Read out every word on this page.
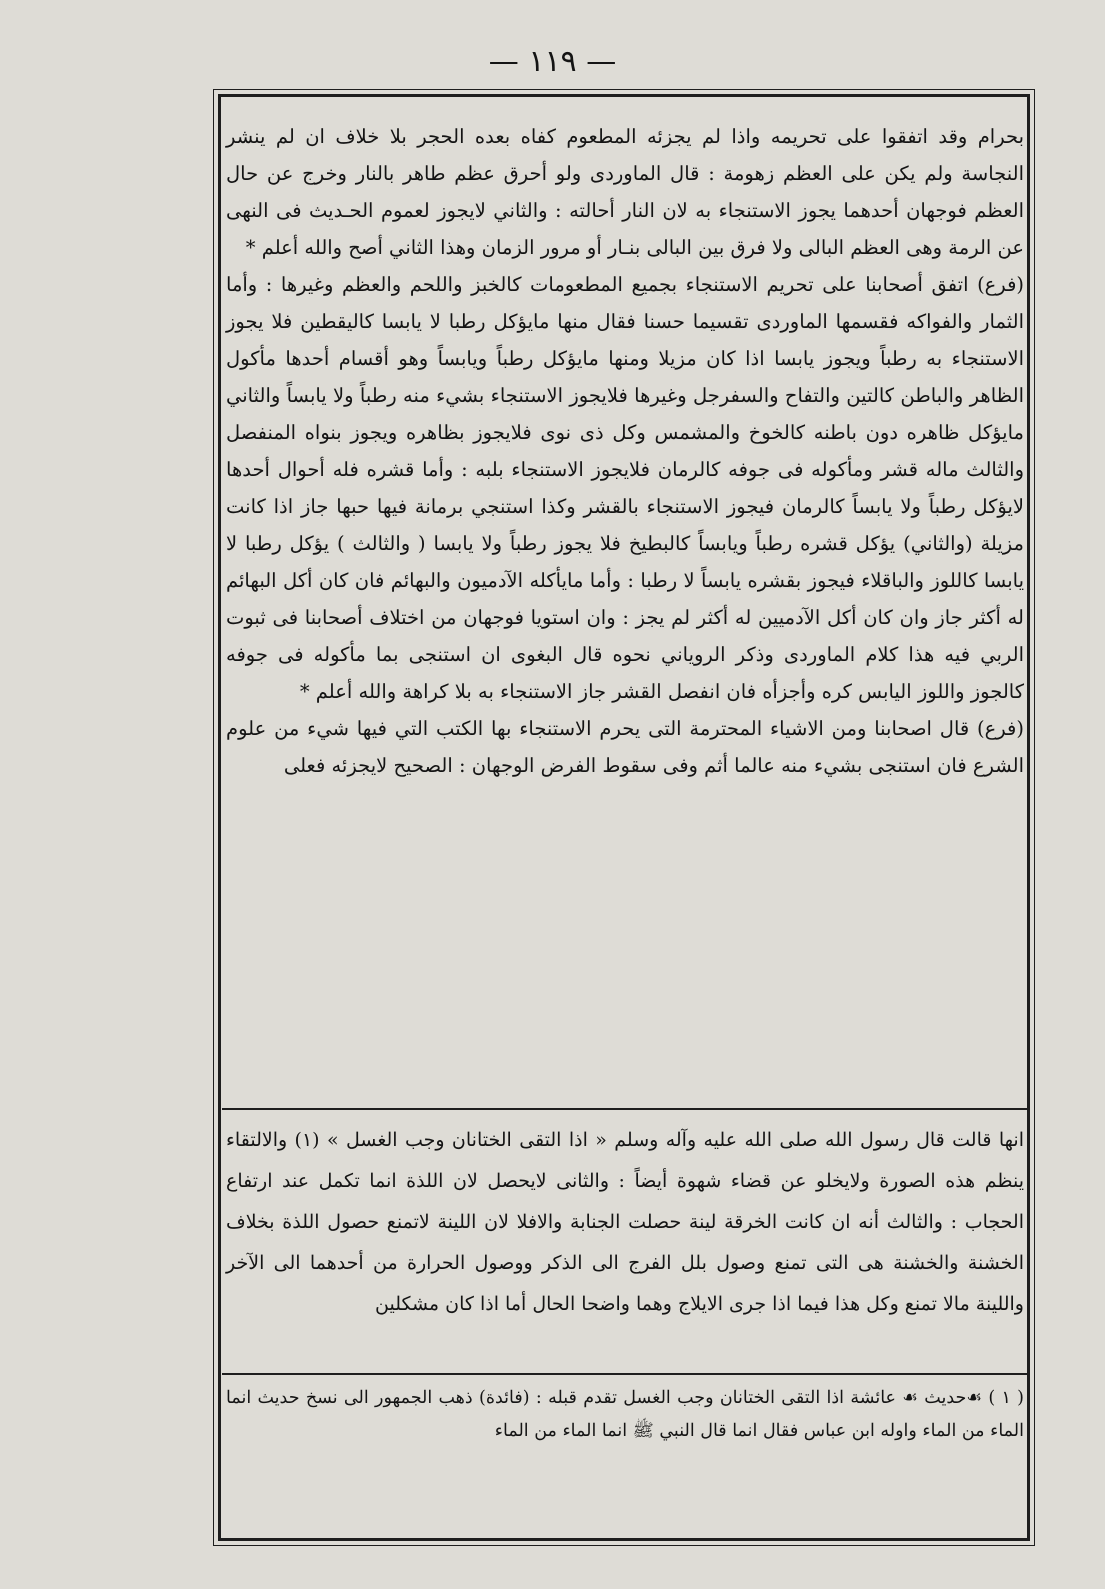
— ١١٩ —

بحرام وقد اتفقوا على تحريمه واذا لم يجزئه المطعوم كفاه بعده الحجر بلا خلاف ان لم ينشر النجاسة ولم يكن على العظم زهومة : قال الماوردى ولو أحرق عظم طاهر بالنار وخرج عن حال العظم فوجهان أحدهما يجوز الاستنجاء به لان النار أحالته : والثاني لايجوز لعموم الحـديث فى النهى عن الرمة وهى العظم البالى ولا فرق بين البالى بنـار أو مرور الزمان وهذا الثاني أصح والله أعلم *

(فرع) اتفق أصحابنا على تحريم الاستنجاء بجميع المطعومات كالخبز واللحم والعظم وغيرها : وأما الثمار والفواكه فقسمها الماوردى تقسيما حسنا فقال منها مايؤكل رطبا لا يابسا كاليقطين فلا يجوز الاستنجاء به رطباً ويجوز يابسا اذا كان مزيلا ومنها مايؤكل رطباً ويابساً وهو أقسام أحدها مأكول الظاهر والباطن كالتين والتفاح والسفرجل وغيرها فلايجوز الاستنجاء بشيء منه رطباً ولا يابساً والثاني مايؤكل ظاهره دون باطنه كالخوخ والمشمس وكل ذى نوى فلايجوز بظاهره ويجوز بنواه المنفصل والثالث ماله قشر ومأكوله فى جوفه كالرمان فلايجوز الاستنجاء بلبه : وأما قشره فله أحوال أحدها لايؤكل رطباً ولا يابساً كالرمان فيجوز الاستنجاء بالقشر وكذا استنجي برمانة فيها حبها جاز اذا كانت مزيلة (والثاني) يؤكل قشره رطباً ويابساً كالبطيخ فلا يجوز رطباً ولا يابسا ( والثالث ) يؤكل رطبا لا يابسا كاللوز والباقلاء فيجوز بقشره يابساً لا رطبا : وأما مايأكله الآدميون والبهائم فان كان أكل البهائم له أكثر جاز وان كان أكل الآدميين له أكثر لم يجز : وان استويا فوجهان من اختلاف أصحابنا فى ثبوت الربي فيه هذا كلام الماوردى وذكر الروياني نحوه قال البغوى ان استنجى بما مأكوله فى جوفه كالجوز واللوز اليابس كره وأجزأه فان انفصل القشر جاز الاستنجاء به بلا كراهة والله أعلم *

(فرع) قال اصحابنا ومن الاشياء المحترمة التى يحرم الاستنجاء بها الكتب التي فيها شيء من علوم الشرع فان استنجى بشيء منه عالما أثم وفى سقوط الفرض الوجهان : الصحيح لايجزئه فعلى

انها قالت قال رسول الله صلى الله عليه وآله وسلم « اذا التقى الختانان وجب الغسل » (١) والالتقاء ينظم هذه الصورة ولايخلو عن قضاء شهوة أيضاً : والثانى لايحصل لان اللذة انما تكمل عند ارتفاع الحجاب : والثالث أنه ان كانت الخرقة لينة حصلت الجنابة والافلا لان اللينة لاتمنع حصول اللذة بخلاف الخشنة والخشنة هى التى تمنع وصول بلل الفرج الى الذكر ووصول الحرارة من أحدهما الى الآخر واللينة مالا تمنع وكل هذا فيما اذا جرى الايلاج وهما واضحا الحال أما اذا كان مشكلين

( ١ ) ☙حديث ☙ عائشة اذا التقى الختانان وجب الغسل تقدم قبله : (فائدة) ذهب الجمهور الى نسخ حديث انما الماء من الماء واوله ابن عباس فقال انما قال النبي ﷺ انما الماء من الماء
